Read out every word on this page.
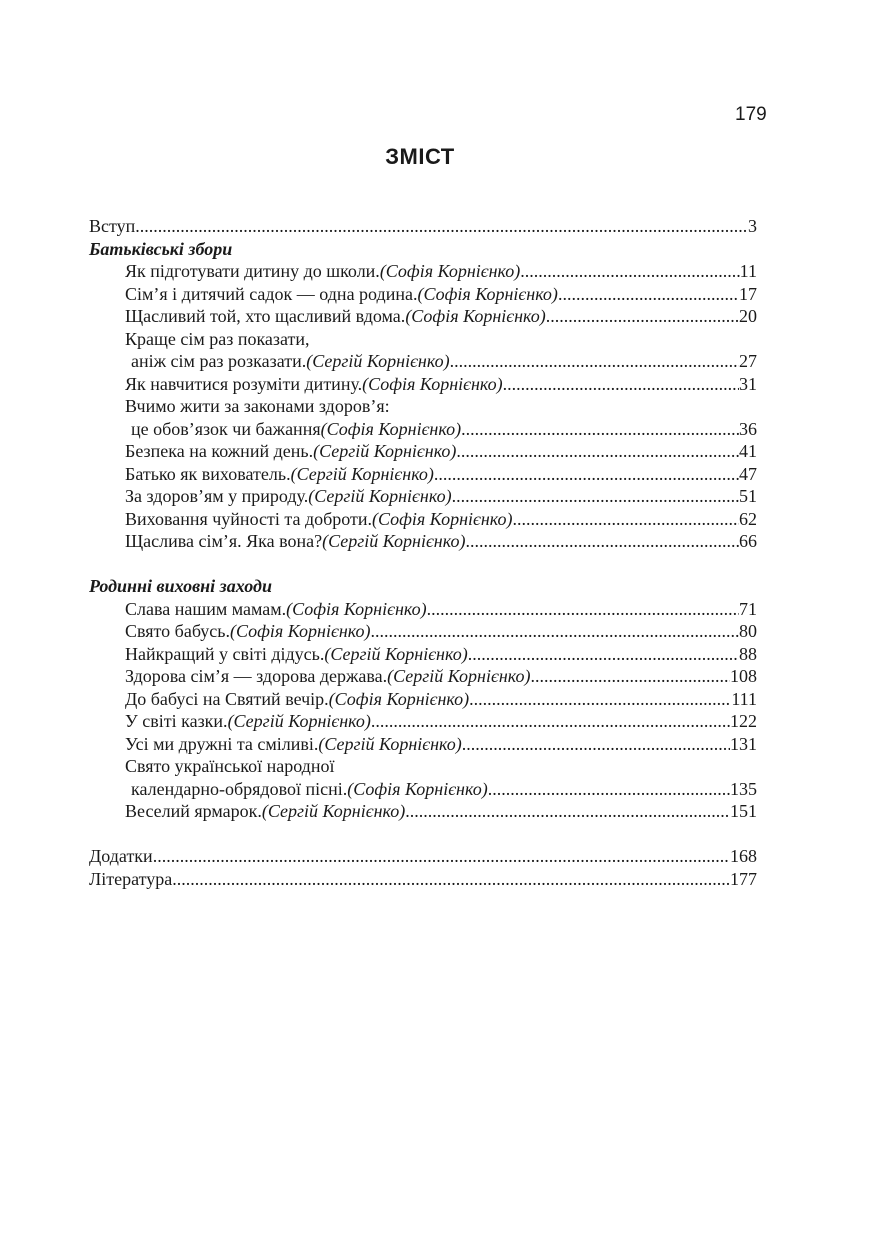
179
ЗМІСТ
Вступ .....	3
Батьківські збори
Як підготувати дитину до школи. (Софія Корнієнко) .....	11
Сім’я і дитячий садок — одна родина. (Софія Корнієнко) .....	17
Щасливий той, хто щасливий вдома. (Софія Корнієнко) .....	20
Краще сім раз показати,
аніж сім раз розказати. (Сергій Корнієнко) .....	27
Як навчитися розуміти дитину. (Софія Корнієнко) .....	31
Вчимо жити за законами здоров’я:
це обов’язок чи бажання (Софія Корнієнко) .....	36
Безпека на кожний день. (Сергій Корнієнко) .....	41
Батько як вихователь. (Сергій Корнієнко) .....	47
За здоров’ям у природу. (Сергій Корнієнко) .....	51
Виховання чуйності та доброти. (Софія Корнієнко) .....	62
Щаслива сім’я. Яка вона? (Сергій Корнієнко) .....	66
Родинні виховні заходи
Слава нашим мамам. (Софія Корнієнко) .....	71
Свято бабусь. (Софія Корнієнко) .....	80
Найкращий у світі дідусь. (Сергій Корнієнко) .....	88
Здорова сім’я — здорова держава. (Сергій Корнієнко) .....	108
До бабусі на Святий вечір. (Софія Корнієнко) .....	111
У світі казки. (Сергій Корнієнко) .....	122
Усі ми дружні та сміливі. (Сергій Корнієнко) .....	131
Свято української народної
календарно-обрядової пісні. (Софія Корнієнко) .....	135
Веселий ярмарок. (Сергій Корнієнко) .....	151
Додатки .....	168
Література .....	177
